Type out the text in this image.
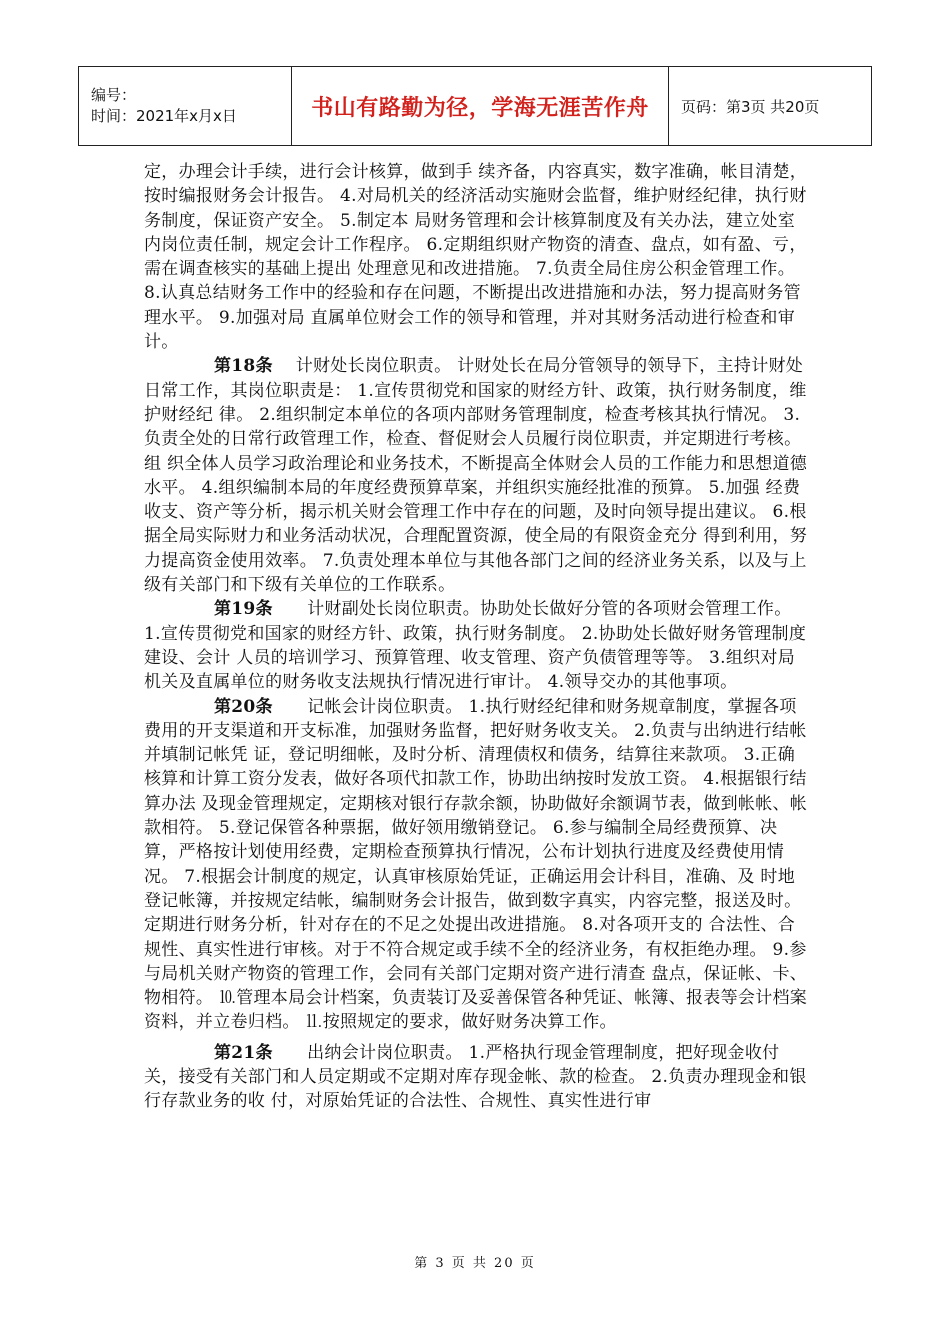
编号：
时间：2021年x月x日	书山有路勤为径，学海无涯苦作舟	页码：第3页 共20页

定，办理会计手续，进行会计核算，做到手 续齐备，内容真实，数字准确，帐目清楚，按时编报财务会计报告。 4.对局机关的经济活动实施财会监督，维护财经纪律，执行财务制度，保证资产安全。 5.制定本 局财务管理和会计核算制度及有关办法，建立处室内岗位责任制，规定会计工作程序。 6.定期组织财产物资的清查、盘点，如有盈、亏，需在调查核实的基础上提出 处理意见和改进措施。 7.负责全局住房公积金管理工作。 8.认真总结财务工作中的经验和存在问题，不断提出改进措施和办法，努力提高财务管理水平。 9.加强对局 直属单位财会工作的领导和管理，并对其财务活动进行检查和审计。

第18条 计财处长岗位职责。 计财处长在局分管领导的领导下，主持计财处日常工作，其岗位职责是： 1.宣传贯彻党和国家的财经方针、政策，执行财务制度，维护财经纪 律。 2.组织制定本单位的各项内部财务管理制度，检查考核其执行情况。 3.负责全处的日常行政管理工作，检查、督促财会人员履行岗位职责，并定期进行考核。 组 织全体人员学习政治理论和业务技术，不断提高全体财会人员的工作能力和思想道德水平。 4.组织编制本局的年度经费预算草案，并组织实施经批准的预算。 5.加强 经费收支、资产等分析，揭示机关财会管理工作中存在的问题，及时向领导提出建议。 6.根据全局实际财力和业务活动状况，合理配置资源，使全局的有限资金充分 得到利用，努力提高资金使用效率。 7.负责处理本单位与其他各部门之间的经济业务关系，以及与上级有关部门和下级有关单位的工作联系。

第19条 计财副处长岗位职责。协助处长做好分管的各项财会管理工作。 1.宣传贯彻党和国家的财经方针、政策，执行财务制度。 2.协助处长做好财务管理制度建设、会计 人员的培训学习、预算管理、收支管理、资产负债管理等等。 3.组织对局机关及直属单位的财务收支法规执行情况进行审计。 4.领导交办的其他事项。

第20条 记帐会计岗位职责。 1.执行财经纪律和财务规章制度，掌握各项费用的开支渠道和开支标准，加强财务监督，把好财务收支关。 2.负责与出纳进行结帐并填制记帐凭 证，登记明细帐，及时分析、清理债权和债务，结算往来款项。 3.正确核算和计算工资分发表，做好各项代扣款工作，协助出纳按时发放工资。 4.根据银行结算办法 及现金管理规定，定期核对银行存款余额，协助做好余额调节表，做到帐帐、帐款相符。 5.登记保管各种票据，做好领用缴销登记。 6.参与编制全局经费预算、决 算，严格按计划使用经费，定期检查预算执行情况，公布计划执行进度及经费使用情况。 7.根据会计制度的规定，认真审核原始凭证，正确运用会计科目，准确、及 时地登记帐簿，并按规定结帐，编制财务会计报告，做到数字真实，内容完整，报送及时。定期进行财务分析，针对存在的不足之处提出改进措施。 8.对各项开支的 合法性、合规性、真实性进行审核。对于不符合规定或手续不全的经济业务，有权拒绝办理。 9.参与局机关财产物资的管理工作，会同有关部门定期对资产进行清查 盘点，保证帐、卡、物相符。 ⒑管理本局会计档案，负责装订及妥善保管各种凭证、帐簿、报表等会计档案资料，并立卷归档。 ⒒按照规定的要求，做好财务决算工作。

第21条 出纳会计岗位职责。 1.严格执行现金管理制度，把好现金收付关，接受有关部门和人员定期或不定期对库存现金帐、款的检查。 2.负责办理现金和银行存款业务的收 付，对原始凭证的合法性、合规性、真实性进行审

第 3 页 共 20 页
